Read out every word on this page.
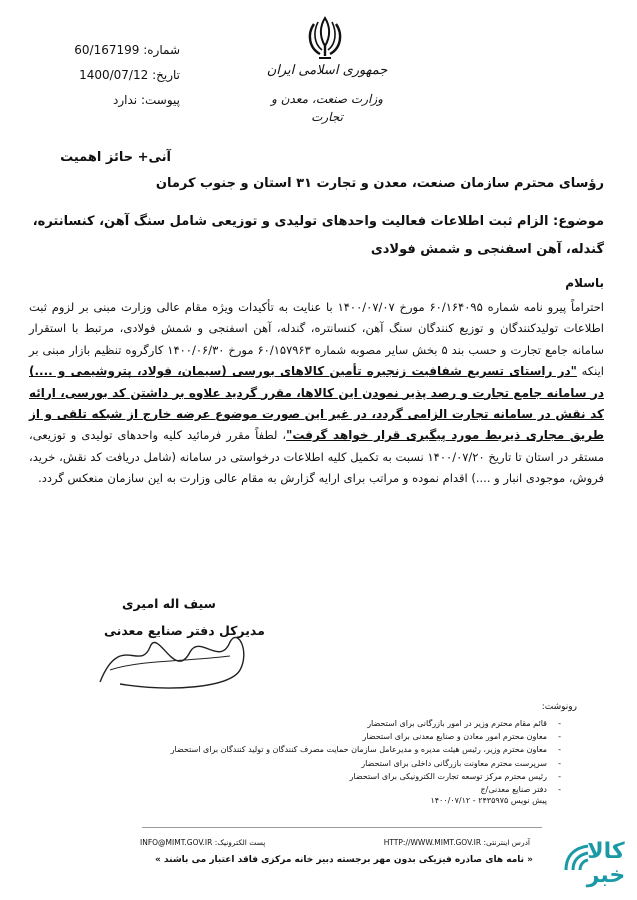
شماره: 60/167199
تاریخ: 1400/07/12
پیوست: ندارد
جمهوری اسلامی ایران
وزارت صنعت، معدن و تجارت
آنی+ حائز اهمیت
رؤسای محترم سازمان صنعت، معدن و تجارت ۳۱ استان و جنوب کرمان
موضوع: الزام ثبت اطلاعات فعالیت واحدهای تولیدی و توزیعی شامل سنگ آهن، کنسانتره، گندله، آهن اسفنجی و شمش فولادی
باسلام
احتراماً پیرو نامه شماره ۶۰/۱۶۴۰۹۵ مورخ ۱۴۰۰/۰۷/۰۷ با عنایت به تأکیدات ویژه مقام عالی وزارت مبنی بر لزوم ثبت اطلاعات تولیدکنندگان و توزیع کنندگان سنگ آهن، کنسانتره، گندله، آهن اسفنجی و شمش فولادی، مرتبط با استقرار سامانه جامع تجارت و حسب بند ۵ بخش سایر مصوبه شماره ۶۰/۱۵۷۹۶۳ مورخ ۱۴۰۰/۰۶/۳۰ کارگروه تنظیم بازار مبنی بر اینکه "در راستای تسریع شفافیت زنجیره تأمین کالاهای بورسی (سیمان، فولاد، پتروشیمی و ....) در سامانه جامع تجارت و رصد پذیر نمودن این کالاها، مقرر گردید علاوه بر داشتن کد بورسی، ارائه کد نقش در سامانه تجارت الزامی گردد، در غیر این صورت موضوع عرضه خارج از شبکه تلقی و از طریق مجاری ذیربط مورد پیگیری قرار خواهد گرفت"، لطفاً مقرر فرمائید کلیه واحدهای تولیدی و توزیعی، مستقر در استان تا تاریخ ۱۴۰۰/۰۷/۲۰ نسبت به تکمیل کلیه اطلاعات درخواستی در سامانه (شامل دریافت کد نقش، خرید، فروش، موجودی انبار و ....) اقدام نموده و مراتب برای ارایه گزارش به مقام عالی وزارت به این سازمان منعکس گردد.
سیف اله امیری
مدیرکل دفتر صنایع معدنی
رونوشت:
- قائم مقام محترم وزیر در امور بازرگانی برای استحضار
- معاون محترم امور معادن و صنایع معدنی برای استحضار
- معاون محترم وزیر، رئیس هیئت مدیره و مدیرعامل سازمان حمایت مصرف کنندگان و تولید کنندگان برای استحضار
- سرپرست محترم معاونت بازرگانی داخلی برای استحضار
- رئیس محترم مرکز توسعه تجارت الکترونیکی برای استحضار
- دفتر صنایع معدنی/ج
پیش نویس ۲۴۳۵۹۷۵ - ۱۴۰۰/۰۷/۱۲
آدرس اینترنتی: HTTP://WWW.MIMT.GOV.IR
پست الکترونیک: INFO@MIMT.GOV.IR
« نامه های صادره فیزیکی بدون مهر برجسته دبیر خانه مرکزی فاقد اعتبار می باشند »	کالا خبر
